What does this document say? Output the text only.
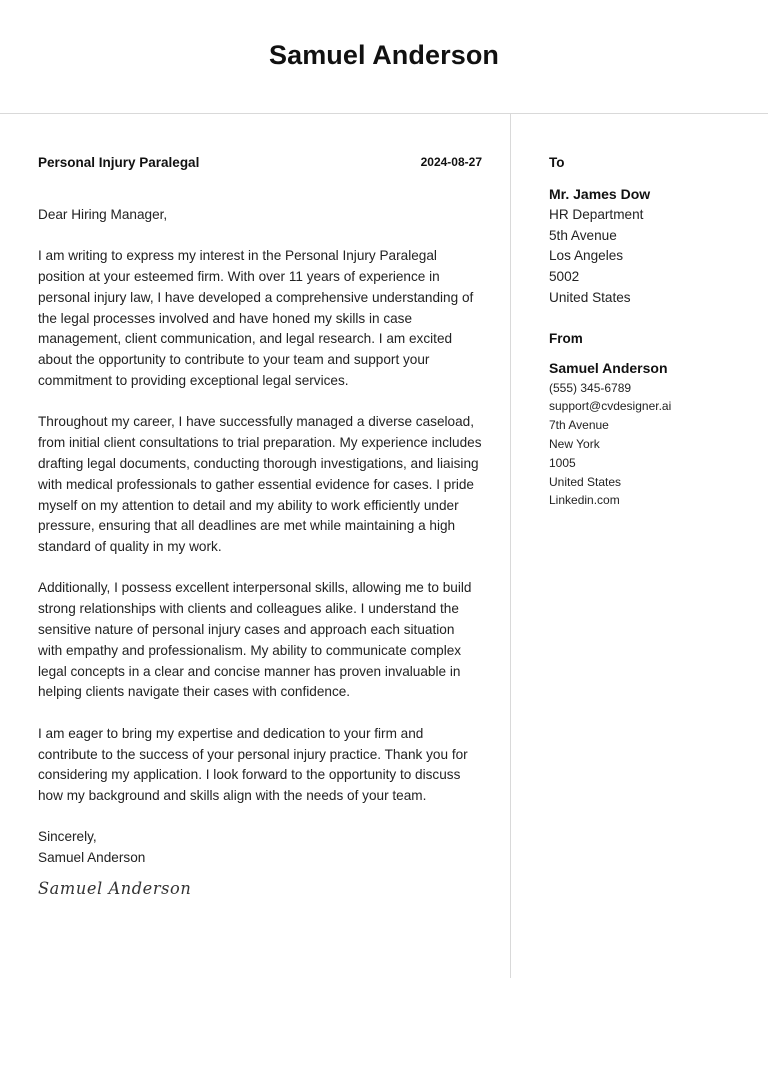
Samuel Anderson
Personal Injury Paralegal	2024-08-27
Dear Hiring Manager,
I am writing to express my interest in the Personal Injury Paralegal position at your esteemed firm. With over 11 years of experience in personal injury law, I have developed a comprehensive understanding of the legal processes involved and have honed my skills in case management, client communication, and legal research. I am excited about the opportunity to contribute to your team and support your commitment to providing exceptional legal services.
Throughout my career, I have successfully managed a diverse caseload, from initial client consultations to trial preparation. My experience includes drafting legal documents, conducting thorough investigations, and liaising with medical professionals to gather essential evidence for cases. I pride myself on my attention to detail and my ability to work efficiently under pressure, ensuring that all deadlines are met while maintaining a high standard of quality in my work.
Additionally, I possess excellent interpersonal skills, allowing me to build strong relationships with clients and colleagues alike. I understand the sensitive nature of personal injury cases and approach each situation with empathy and professionalism. My ability to communicate complex legal concepts in a clear and concise manner has proven invaluable in helping clients navigate their cases with confidence.
I am eager to bring my expertise and dedication to your firm and contribute to the success of your personal injury practice. Thank you for considering my application. I look forward to the opportunity to discuss how my background and skills align with the needs of your team.
Sincerely,
Samuel Anderson
Samuel Anderson
To
Mr. James Dow
HR Department
5th Avenue
Los Angeles
5002
United States
From
Samuel Anderson
(555) 345-6789
support@cvdesigner.ai
7th Avenue
New York
1005
United States
Linkedin.com
